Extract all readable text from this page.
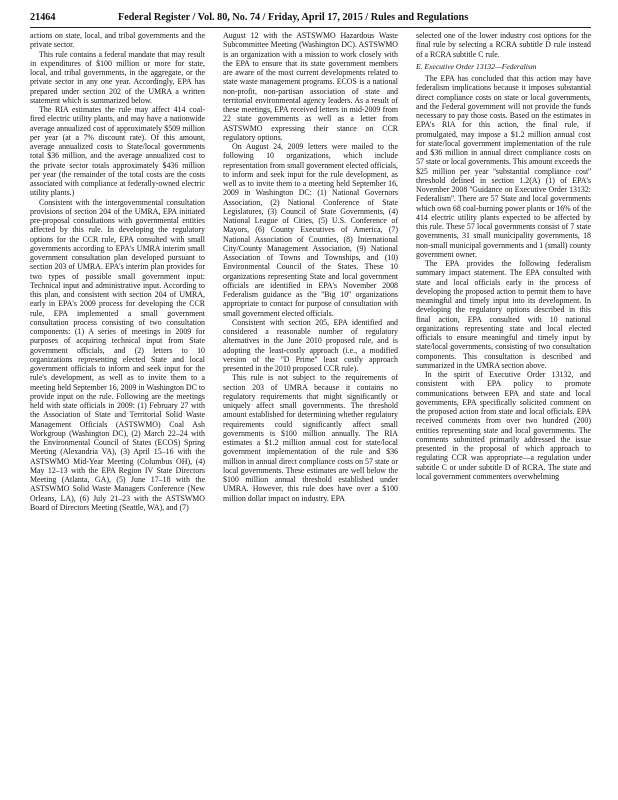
21464	Federal Register / Vol. 80, No. 74 / Friday, April 17, 2015 / Rules and Regulations

actions on state, local, and tribal governments and the private sector.

This rule contains a federal mandate that may result in expenditures of $100 million or more for state, local, and tribal governments, in the aggregate, or the private sector in any one year. Accordingly, EPA has prepared under section 202 of the UMRA a written statement which is summarized below.

The RIA estimates the rule may affect 414 coal-fired electric utility plants, and may have a nationwide average annualized cost of approximately $509 million per year (at a 7% discount rate). Of this amount, average annualized costs to State/local governments total $36 million, and the average annualized cost to the private sector totals approximately $436 million per year (the remainder of the total costs are the costs associated with compliance at federally-owned electric utility plants.)

Consistent with the intergovernmental consultation provisions of section 204 of the UMRA, EPA initiated pre-proposal consultations with governmental entities affected by this rule. In developing the regulatory options for the CCR rule, EPA consulted with small governments according to EPA's UMRA interim small government consultation plan developed pursuant to section 203 of UMRA. EPA's interim plan provides for two types of possible small government input: Technical input and administrative input. According to this plan, and consistent with section 204 of UMRA, early in EPA's 2009 process for developing the CCR rule, EPA implemented a small government consultation process consisting of two consultation components: (1) A series of meetings in 2009 for purposes of acquiring technical input from State government officials, and (2) letters to 10 organizations representing elected State and local government officials to inform and seek input for the rule's development, as well as to invite them to a meeting held September 16, 2009 in Washington DC to provide input on the rule. Following are the meetings held with state officials in 2009: (1) February 27 with the Association of State and Territorial Solid Waste Management Officials (ASTSWMO) Coal Ash Workgroup (Washington DC), (2) March 22–24 with the Environmental Council of States (ECOS) Spring Meeting (Alexandria VA), (3) April 15–16 with the ASTSWMO Mid-Year Meeting (Columbus OH), (4) May 12–13 with the EPA Region IV State Directors Meeting (Atlanta, GA), (5) June 17–18 with the ASTSWMO Solid Waste Managers Conference (New Orleans, LA), (6) July 21–23 with the ASTSWMO Board of Directors Meeting (Seattle, WA), and (7)

August 12 with the ASTSWMO Hazardous Waste Subcommittee Meeting (Washington DC). ASTSWMO is an organization with a mission to work closely with the EPA to ensure that its state government members are aware of the most current developments related to state waste management programs. ECOS is a national non-profit, non-partisan association of state and territorial environmental agency leaders. As a result of these meetings, EPA received letters in mid-2009 from 22 state governments as well as a letter from ASTSWMO expressing their stance on CCR regulatory options.

On August 24, 2009 letters were mailed to the following 10 organizations, which include representation from small government elected officials, to inform and seek input for the rule development, as well as to invite them to a meeting held September 16, 2009 in Washington DC: (1) National Governors Association, (2) National Conference of State Legislatures, (3) Council of State Governments, (4) National League of Cities, (5) U.S. Conference of Mayors, (6) County Executives of America, (7) National Association of Counties, (8) International City/County Management Association, (9) National Association of Towns and Townships, and (10) Environmental Council of the States. These 10 organizations representing State and local government officials are identified in EPA's November 2008 Federalism guidance as the ''Big 10'' organizations appropriate to contact for purpose of consultation with small government elected officials.

Consistent with section 205, EPA identified and considered a reasonable number of regulatory alternatives in the June 2010 proposed rule, and is adopting the least-costly approach (i.e., a modified version of the ''D Prime'' least costly approach presented in the 2010 proposed CCR rule).

This rule is not subject to the requirements of section 203 of UMRA because it contains no regulatory requirements that might significantly or uniquely affect small governments. The threshold amount established for determining whether regulatory requirements could significantly affect small governments is $100 million annually. The RIA estimates a $1.2 million annual cost for state/local government implementation of the rule and $36 million in annual direct compliance costs on 57 state or local governments. These estimates are well below the $100 million annual threshold established under UMRA. However, this rule does have over a $100 million dollar impact on industry. EPA

selected one of the lower industry cost options for the final rule by selecting a RCRA subtitle D rule instead of a RCRA subtitle C rule.

E. Executive Order 13132—Federalism

The EPA has concluded that this action may have federalism implications because it imposes substantial direct compliance costs on state or local governments, and the Federal government will not provide the funds necessary to pay those costs. Based on the estimates in EPA's RIA for this action, the final rule, if promulgated, may impose a $1.2 million annual cost for state/local government implementation of the rule and $36 million in annual direct compliance costs on 57 state or local governments. This amount exceeds the $25 million per year ''substantial compliance cost'' threshold defined in section 1.2(A) (1) of EPA's November 2008 ''Guidance on Executive Order 13132: Federalism''. There are 57 State and local governments which own 68 coal-burning power plants or 16% of the 414 electric utility plants expected to be affected by this rule. These 57 local governments consist of 7 state governments, 31 small municipality governments, 18 non-small municipal governments and 1 (small) county government owner.

The EPA provides the following federalism summary impact statement. The EPA consulted with state and local officials early in the process of developing the proposed action to permit them to have meaningful and timely input into its development. In developing the regulatory options described in this final action, EPA consulted with 10 national organizations representing state and local elected officials to ensure meaningful and timely input by state/local governments, consisting of two consultation components. This consultation is described and summarized in the UMRA section above.

In the spirit of Executive Order 13132, and consistent with EPA policy to promote communications between EPA and state and local governments, EPA specifically solicited comment on the proposed action from state and local officials. EPA received comments from over two hundred (200) entities representing state and local governments. The comments submitted primarily addressed the issue presented in the proposal of which approach to regulating CCR was appropriate—a regulation under subtitle C or under subtitle D of RCRA. The state and local government commenters overwhelming
